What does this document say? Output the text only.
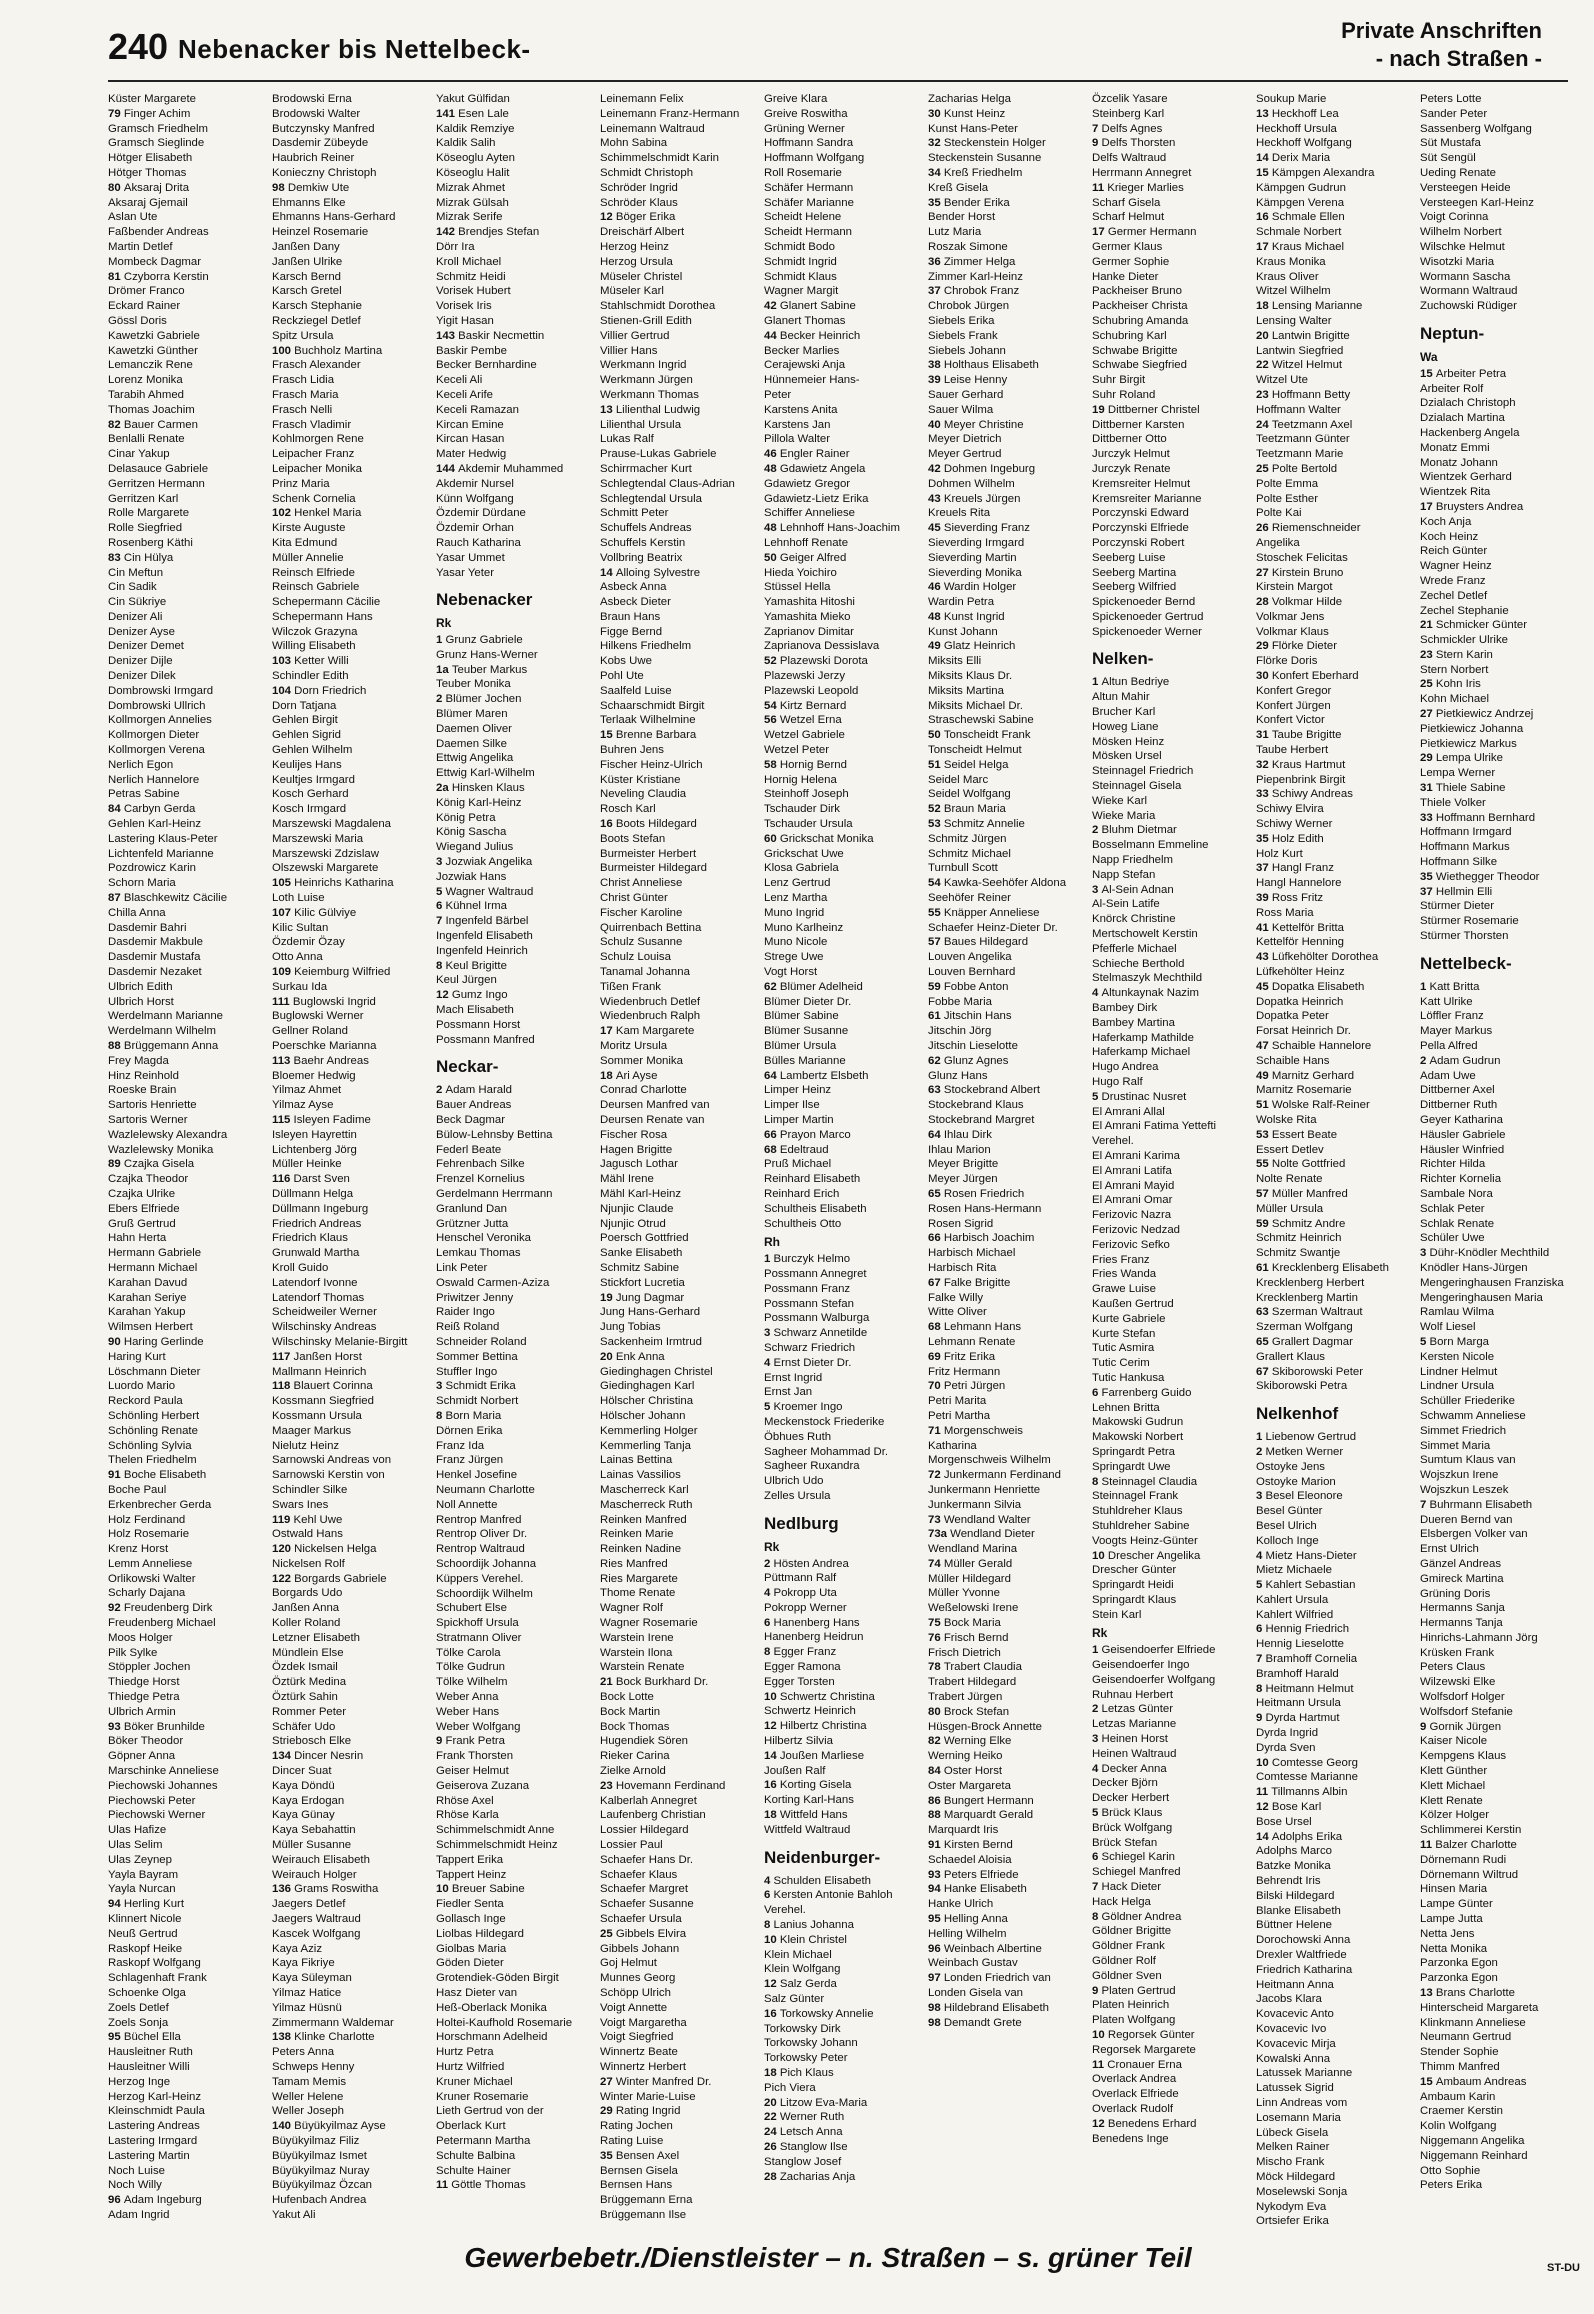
240 Nebenacker bis Nettelbeck-
Private Anschriften
- nach Straßen -
Küster Margarete
79 Finger Achim
Gramsch Friedhelm
Gramsch Sieglinde
Hötger Elisabeth
Hötger Thomas
80 Aksaraj Drita
Aksaraj Gjemail
Aslan Ute
Faßbender Andreas
Martin Detlef
Mombeck Dagmar
81 Czyborra Kerstin
Drömer Franco
Eckard Rainer
Gössl Doris
Kawetzki Gabriele
Kawetzki Günther
Lemanczik Rene
Lorenz Monika
Tarabih Ahmed
Thomas Joachim
82 Bauer Carmen
Benlalli Renate
Cinar Yakup
Delasauce Gabriele
Gerritzen Hermann
Gerritzen Karl
Rolle Margarete
Rolle Siegfried
Rosenberg Käthi
83 Cin Hülya
Cin Meftun
Cin Sadik
Cin Sükriye
Denizer Ali
Denizer Ayse
Denizer Demet
Denizer Dijle
Denizer Dilek
Dombrowski Irmgard
Dombrowski Ullrich
Kollmorgen Annelies
Kollmorgen Dieter
Kollmorgen Verena
Nerlich Egon
Nerlich Hannelore
Petras Sabine
84 Carbyn Gerda
Gehlen Karl-Heinz
Lastering Klaus-Peter
Lichtenfeld Marianne
Pozdrowicz Karin
Schorn Maria
87 Blaschkewitz Cäcilie
Chilla Anna
Dasdemir Bahri
Dasdemir Makbule
Dasdemir Mustafa
Dasdemir Nezaket
Ulbrich Edith
Ulbrich Horst
Werdelmann Marianne
Werdelmann Wilhelm
88 Brüggemann Anna
Frey Magda
Hinz Reinhold
Roeske Brain
Sartoris Henriette
Sartoris Werner
Wazlelewsky Alexandra
Wazlelewsky Monika
89 Czajka Gisela
Czajka Theodor
Czajka Ulrike
Ebers Elfriede
Gruß Gertrud
Hahn Herta
Hermann Gabriele
Hermann Michael
Karahan Davud
Karahan Seriye
Karahan Yakup
Wilmsen Herbert
90 Haring Gerlinde
Haring Kurt
Löschmann Dieter
Luordo Mario
Reckord Paula
Schönling Herbert
Schönling Renate
Schönling Sylvia
Thelen Friedhelm
91 Boche Elisabeth
Boche Paul
Erkenbrecher Gerda
Holz Ferdinand
Holz Rosemarie
Krenz Horst
Lemm Anneliese
Orlikowski Walter
Scharly Dajana
92 Freudenberg Dirk
Freudenberg Michael
Moos Holger
Pilk Sylke
Stöppler Jochen
Thiedge Horst
Thiedge Petra
Ulbrich Armin
93 Böker Brunhilde
Böker Theodor
Göpner Anna
Marschinke Anneliese
Piechowski Johannes
Piechowski Peter
Piechowski Werner
Ulas Hafize
Ulas Selim
Ulas Zeynep
Yayla Bayram
Yayla Nurcan
94 Herling Kurt
Klinnert Nicole
Neuß Gertrud
Raskopf Heike
Raskopf Wolfgang
Schlagenhaft Frank
Schoenke Olga
Zoels Detlef
Zoels Sonja
95 Büchel Ella
Hausleitner Ruth
Hausleitner Willi
Herzog Inge
Herzog Karl-Heinz
Kleinschmidt Paula
Lastering Andreas
Lastering Irmgard
Lastering Martin
Noch Luise
Noch Willy
96 Adam Ingeburg
Adam Ingrid
Brodowski Erna
Brodowski Walter
Butczynsky Manfred
Dasdemir Zübeyde
Haubrich Reiner
Konieczny Christoph
98 Demkiw Ute
Ehmanns Elke
Ehmanns Hans-Gerhard
Heinzel Rosemarie
Janßen Dany
Janßen Ulrike
Karsch Bernd
Karsch Gretel
Karsch Stephanie
Reckziegel Detlef
Spitz Ursula
100 Buchholz Martina
Frasch Alexander
Frasch Lidia
Frasch Maria
Frasch Nelli
Frasch Vladimir
Kohlmorgen Rene
Leipacher Franz
Leipacher Monika
Prinz Maria
Schenk Cornelia
102 Henkel Maria
Kirste Auguste
Kita Edmund
Müller Annelie
Reinsch Elfriede
Reinsch Gabriele
Schepermann Cäcilie
Schepermann Hans
Wilczok Grazyna
Willing Elisabeth
103 Ketter Willi
Schindler Edith
104 Dorn Friedrich
Dorn Tatjana
Gehlen Birgit
Gehlen Sigrid
Gehlen Wilhelm
Keulijes Hans
Keultjes Irmgard
Kosch Gerhard
Kosch Irmgard
Marszewski Magdalena
Marszewski Maria
Marszewski Zdzislaw
Olszewski Margarete
105 Heinrichs Katharina
Loth Luise
107 Kilic Gülviye
Kilic Sultan
Özdemir Özay
Otto Anna
109 Keiemburg Wilfried
Surkau Ida
111 Buglowski Ingrid
Buglowski Werner
Gellner Roland
Poerschke Marianna
113 Baehr Andreas
Bloemer Hedwig
Yilmaz Ahmet
Yilmaz Ayse
115 Isleyen Fadime
Isleyen Hayrettin
Lichtenberg Jörg
Müller Heinke
116 Darst Sven
Düllmann Helga
Düllmann Ingeburg
Friedrich Andreas
Friedrich Klaus
Grunwald Martha
Kroll Guido
Latendorf Ivonne
Latendorf Thomas
Scheidweiler Werner
Wilschinsky Andreas
Wilschinsky Melanie-Birgitt
117 Janßen Horst
Mallmann Heinrich
118 Blauert Corinna
Kossmann Siegfried
Kossmann Ursula
Maager Markus
Nielutz Heinz
Sarnowski Andreas von
Sarnowski Kerstin von
Schindler Silke
Swars Ines
119 Kehl Uwe
Ostwald Hans
120 Nickelsen Helga
Nickelsen Rolf
122 Borgards Gabriele
Borgards Udo
Janßen Anna
Koller Roland
Letzner Elisabeth
Mündlein Else
Özdek Ismail
Öztürk Medina
Öztürk Sahin
Rommer Peter
Schäfer Udo
Striebosch Elke
134 Dincer Nesrin
Dincer Suat
Kaya Döndü
Kaya Erdogan
Kaya Günay
Kaya Sebahattin
Müller Susanne
Weirauch Elisabeth
Weirauch Holger
136 Grams Roswitha
Jaegers Detlef
Jaegers Waltraud
Kascek Wolfgang
Kaya Aziz
Kaya Fikriye
Kaya Süleyman
Yilmaz Hatice
Yilmaz Hüsnü
Zimmermann Waldemar
138 Klinke Charlotte
Peters Anna
Schweps Henny
Tamam Memis
Weller Helene
Weller Joseph
140 Büyükyilmaz Ayse
Büyükyilmaz Filiz
Büyükyilmaz Ismet
Büyükyilmaz Nuray
Büyükyilmaz Özcan
Hufenbach Andrea
Yakut Ali
Yakut Gülfidan
141 Esen Lale
Kaldik Remziye
Kaldik Salih
Köseoglu Ayten
Köseoglu Halit
Mizrak Ahmet
Mizrak Gülsah
Mizrak Serife
142 Brendjes Stefan
Dörr Ira
Kroll Michael
Schmitz Heidi
Vorisek Hubert
Vorisek Iris
Yigit Hasan
143 Baskir Necmettin
Baskir Pembe
Becker Bernhardine
Keceli Ali
Keceli Arife
Keceli Ramazan
Kircan Emine
Kircan Hasan
Mater Hedwig
144 Akdemir Muhammed
Akdemir Nursel
Künn Wolfgang
Özdemir Dürdane
Özdemir Orhan
Rauch Katharina
Yasar Ummet
Yasar Yeter
Nebenacker
Rk
1 Grunz Gabriele
Grunz Hans-Werner
1a Teuber Markus
Teuber Monika
2 Blümer Jochen
Blümer Maren
Daemen Oliver
Daemen Silke
Ettwig Angelika
Ettwig Karl-Wilhelm
2a Hinsken Klaus
König Karl-Heinz
König Petra
König Sascha
Wiegand Julius
3 Jozwiak Angelika
Jozwiak Hans
5 Wagner Waltraud
6 Kühnel Irma
7 Ingenfeld Bärbel
Ingenfeld Elisabeth
Ingenfeld Heinrich
8 Keul Brigitte
Keul Jürgen
12 Gumz Ingo
Mach Elisabeth
Possmann Horst
Possmann Manfred
Neckar-
2 Adam Harald
Bauer Andreas
Beck Dagmar
Bülow-Lehnsby Bettina
Federl Beate
Fehrenbach Silke
Frenzel Kornelius
Gerdelmann Herrmann
Granlund Dan
Grützner Jutta
Henschel Veronika
Lemkau Thomas
Link Peter
Oswald Carmen-Aziza
Priwitzer Jenny
Raider Ingo
Reiß Roland
Schneider Roland
Sommer Bettina
Stuffler Ingo
3 Schmidt Erika
Schmidt Norbert
8 Born Maria
Dörnen Erika
Franz Ida
Franz Jürgen
Henkel Josefine
Neumann Charlotte
Noll Annette
Rentrop Manfred
Rentrop Oliver Dr.
Rentrop Waltraud
Schoordijk Johanna
Küppers Verehel.
Schoordijk Wilhelm
Schubert Else
Spickhoff Ursula
Stratmann Oliver
Tölke Carola
Tölke Gudrun
Tölke Wilhelm
Weber Anna
Weber Hans
Weber Wolfgang
9 Frank Petra
Frank Thorsten
Geiser Helmut
Geiserova Zuzana
Rhöse Axel
Rhöse Karla
Schimmelschmidt Anne
Schimmelschmidt Heinz
Tappert Erika
Tappert Heinz
10 Breuer Sabine
Fiedler Senta
Gollasch Inge
Liolbas Hildegard
Giolbas Maria
Göden Dieter
Grotendiek-Göden Birgit
Hasz Dieter van
Heß-Oberlack Monika
Holtei-Kaufhold Rosemarie
Horschmann Adelheid
Hurtz Petra
Hurtz Wilfried
Kruner Michael
Kruner Rosemarie
Lieth Gertrud von der
Oberlack Kurt
Petermann Martha
Schulte Balbina
Schulte Hainer
11 Göttle Thomas
Leinemann Felix
Leinemann Franz-Hermann
Leinemann Waltraud
Mohn Sabina
Schimmelschmidt Karin
Schmidt Christoph
Schröder Ingrid
Schröder Klaus
12 Böger Erika
Dreischärf Albert
Herzog Heinz
Herzog Ursula
Müseler Christel
Müseler Karl
Stahlschmidt Dorothea
Stienen-Grill Edith
Villier Gertrud
Villier Hans
Werkmann Ingrid
Werkmann Jürgen
Werkmann Thomas
13 Lilienthal Ludwig
Lilienthal Ursula
Lukas Ralf
Prause-Lukas Gabriele
Schirrmacher Kurt
Schlegtendal Claus-Adrian
Schlegtendal Ursula
Schmitt Peter
Schuffels Andreas
Schuffels Kerstin
Vollbring Beatrix
14 Alloing Sylvestre
Asbeck Anna
Asbeck Dieter
Braun Hans
Figge Bernd
Hilkens Friedhelm
Kobs Uwe
Pohl Ute
Saalfeld Luise
Schaarschmidt Birgit
Terlaak Wilhelmine
15 Brenne Barbara
Buhren Jens
Fischer Heinz-Ulrich
Küster Kristiane
Neveling Claudia
Rosch Karl
16 Boots Hildegard
Boots Stefan
Burmeister Herbert
Burmeister Hildegard
Christ Anneliese
Christ Günter
Fischer Karoline
Quirrenbach Bettina
Schulz Susanne
Schulz Louisa
Tanamal Johanna
Tißen Frank
Wiedenbruch Detlef
Wiedenbruch Ralph
17 Kam Margarete
Moritz Ursula
Sommer Monika
18 Ari Ayse
Conrad Charlotte
Deursen Manfred van
Deursen Renate van
Fischer Rosa
Hagen Brigitte
Jagusch Lothar
Mähl Irene
Mähl Karl-Heinz
Njunjic Claude
Njunjic Otrud
Poersch Gottfried
Sanke Elisabeth
Schmitz Sabine
Stickfort Lucretia
19 Jung Dagmar
Jung Hans-Gerhard
Jung Tobias
Sackenheim Irmtrud
20 Enk Anna
Giedinghagen Christel
Giedinghagen Karl
Hölscher Christina
Hölscher Johann
Kemmerling Holger
Kemmerling Tanja
Lainas Bettina
Lainas Vassilios
Mascherreck Karl
Mascherreck Ruth
Reinken Manfred
Reinken Marie
Reinken Nadine
Ries Manfred
Ries Margarete
Thome Renate
Wagner Rolf
Wagner Rosemarie
Warstein Irene
Warstein Ilona
Warstein Renate
21 Bock Burkhard Dr.
Bock Lotte
Bock Martin
Bock Thomas
Hugendiek Sören
Rieker Carina
Zielke Arnold
23 Hovemann Ferdinand
Kalberlah Annegret
Laufenberg Christian
Lossier Hildegard
Lossier Paul
Schaefer Hans Dr.
Schaefer Klaus
Schaefer Margret
Schaefer Susanne
Schaefer Ursula
25 Gibbels Elvira
Gibbels Johann
Goj Helmut
Munnes Georg
Schöpp Ulrich
Voigt Annette
Voigt Margaretha
Voigt Siegfried
Winnertz Beate
Winnertz Herbert
27 Winter Manfred Dr.
Winter Marie-Luise
29 Rating Ingrid
Rating Jochen
Rating Luise
35 Bensen Axel
Bernsen Gisela
Bernsen Hans
Brüggemann Erna
Brüggemann Ilse
Greive Klara
Greive Roswitha
Grüning Werner
Hoffmann Sandra
Hoffmann Wolfgang
Roll Rosemarie
Schäfer Hermann
Schäfer Marianne
Scheidt Helene
Scheidt Hermann
Schmidt Bodo
Schmidt Ingrid
Schmidt Klaus
Wagner Margit
42 Glanert Sabine
Glanert Thomas
44 Becker Heinrich
Becker Marlies
Cerajewski Anja
Hünnemeier Hans-
Peter
Karstens Anita
Karstens Jan
Pillola Walter
46 Engler Rainer
48 Gdawietz Angela
Gdawietz Gregor
Gdawietz-Lietz Erika
Schiffer Anneliese
48 Lehnhoff Hans-Joachim
Lehnhoff Renate
50 Geiger Alfred
Hieda Yoichiro
Stüssel Hella
Yamashita Hitoshi
Yamashita Mieko
Zaprianov Dimitar
Zaprianova Dessislava
52 Plazewski Dorota
Plazewski Jerzy
Plazewski Leopold
54 Kirtz Bernard
56 Wetzel Erna
Wetzel Gabriele
Wetzel Peter
58 Hornig Bernd
Hornig Helena
Steinhoff Joseph
Tschauder Dirk
Tschauder Ursula
60 Grickschat Monika
Grickschat Uwe
Klosa Gabriela
Lenz Gertrud
Lenz Martha
Muno Ingrid
Muno Karlheinz
Muno Nicole
Strege Uwe
Vogt Horst
62 Blümer Adelheid
Blümer Dieter Dr.
Blümer Sabine
Blümer Susanne
Blümer Ursula
Bülles Marianne
64 Lambertz Elsbeth
Limper Heinz
Limper Ilse
Limper Martin
66 Prayon Marco
68 Edeltraud
Pruß Michael
Reinhard Elisabeth
Reinhard Erich
Schultheis Elisabeth
Schultheis Otto
Rh
1 Burczyk Helmo
Possmann Annegret
Possmann Franz
Possmann Stefan
Possmann Walburga
3 Schwarz Annetilde
Schwarz Friedrich
4 Ernst Dieter Dr.
Ernst Ingrid
Ernst Jan
5 Kroemer Ingo
Meckenstock Friederike
Öbhues Ruth
Sagheer Mohammad Dr.
Sagheer Ruxandra
Ulbrich Udo
Zelles Ursula
Nedlburg
Rk
2 Hösten Andrea
Püttmann Ralf
4 Pokropp Uta
Pokropp Werner
6 Hanenberg Hans
Hanenberg Heidrun
8 Egger Franz
Egger Ramona
Egger Torsten
10 Schwertz Christina
Schwertz Heinrich
12 Hilbertz Christina
Hilbertz Silvia
14 Joußen Marliese
Joußen Ralf
16 Korting Gisela
Korting Karl-Hans
18 Wittfeld Hans
Wittfeld Waltraud
Neidenburger-
4 Schulden Elisabeth
6 Kersten Antonie Bahloh
Verehel.
8 Lanius Johanna
10 Klein Christel
Klein Michael
Klein Wolfgang
12 Salz Gerda
Salz Günter
16 Torkowsky Annelie
Torkowsky Dirk
Torkowsky Johann
Torkowsky Peter
18 Pich Klaus
Pich Viera
20 Litzow Eva-Maria
22 Werner Ruth
24 Letsch Anna
26 Stanglow Ilse
Stanglow Josef
28 Zacharias Anja
Zacharias Helga
30 Kunst Heinz
Kunst Hans-Peter
32 Steckenstein Holger
Steckenstein Susanne
34 Kreß Friedhelm
Kreß Gisela
35 Bender Erika
Bender Horst
Lutz Maria
Roszak Simone
36 Zimmer Helga
Zimmer Karl-Heinz
37 Chrobok Franz
Chrobok Jürgen
Siebels Erika
Siebels Frank
Siebels Johann
38 Holthaus Elisabeth
39 Leise Henny
Sauer Gerhard
Sauer Wilma
40 Meyer Christine
Meyer Dietrich
Meyer Gertrud
42 Dohmen Ingeburg
Dohmen Wilhelm
43 Kreuels Jürgen
Kreuels Rita
45 Sieverding Franz
Sieverding Irmgard
Sieverding Martin
Sieverding Monika
46 Wardin Holger
Wardin Petra
48 Kunst Ingrid
Kunst Johann
49 Glatz Heinrich
Miksits Elli
Miksits Klaus Dr.
Miksits Martina
Miksits Michael Dr.
Straschewski Sabine
50 Tonscheidt Frank
Tonscheidt Helmut
51 Seidel Helga
Seidel Marc
Seidel Wolfgang
52 Braun Maria
53 Schmitz Annelie
Schmitz Jürgen
Schmitz Michael
Turnbull Scott
54 Kawka-Seehöfer Aldona
Seehöfer Reiner
55 Knäpper Anneliese
Schaefer Heinz-Dieter Dr.
57 Baues Hildegard
Louven Angelika
Louven Bernhard
59 Fobbe Anton
Fobbe Maria
61 Jitschin Hans
Jitschin Jörg
Jitschin Lieselotte
62 Glunz Agnes
Glunz Hans
63 Stockebrand Albert
Stockebrand Klaus
Stockebrand Margret
64 Ihlau Dirk
Ihlau Marion
Meyer Brigitte
Meyer Jürgen
65 Rosen Friedrich
Rosen Hans-Hermann
Rosen Sigrid
66 Harbisch Joachim
Harbisch Michael
Harbisch Rita
67 Falke Brigitte
Falke Willy
Witte Oliver
68 Lehmann Hans
Lehmann Renate
69 Fritz Erika
Fritz Hermann
70 Petri Jürgen
Petri Marita
Petri Martha
71 Morgenschweis
Katharina
Morgenschweis Wilhelm
72 Junkermann Ferdinand
Junkermann Henriette
Junkermann Silvia
73 Wendland Walter
73a Wendland Dieter
Wendland Marina
74 Müller Gerald
Müller Hildegard
Müller Yvonne
Weßelowski Irene
75 Bock Maria
76 Frisch Bernd
Frisch Dietrich
78 Trabert Claudia
Trabert Hildegard
Trabert Jürgen
80 Brock Stefan
Hüsgen-Brock Annette
82 Werning Elke
Werning Heiko
84 Oster Horst
Oster Margareta
86 Bungert Hermann
88 Marquardt Gerald
Marquardt Iris
91 Kirsten Bernd
Schaedel Aloisia
93 Peters Elfriede
94 Hanke Elisabeth
Hanke Ulrich
95 Helling Anna
Helling Wilhelm
96 Weinbach Albertine
Weinbach Gustav
97 Londen Friedrich van
Londen Gisela van
98 Hildebrand Elisabeth
98 Demandt Grete
Özcelik Yasare
Steinberg Karl
7 Delfs Agnes
9 Delfs Thorsten
Delfs Waltraud
Herrmann Annegret
11 Krieger Marlies
Scharf Gisela
Scharf Helmut
17 Germer Hermann
Germer Klaus
Germer Sophie
Hanke Dieter
Packheiser Bruno
Packheiser Christa
Schubring Amanda
Schubring Karl
Schwabe Brigitte
Schwabe Siegfried
Suhr Birgit
Suhr Roland
19 Dittberner Christel
Dittberner Karsten
Dittberner Otto
Jurczyk Helmut
Jurczyk Renate
Kremsreiter Helmut
Kremsreiter Marianne
Porczynski Edward
Porczynski Elfriede
Porczynski Robert
Seeberg Luise
Seeberg Martina
Seeberg Wilfried
Spickenoeder Bernd
Spickenoeder Gertrud
Spickenoeder Werner
Nelken-
1 Altun Bedriye
Altun Mahir
Brucher Karl
Howeg Liane
Mösken Heinz
Mösken Ursel
Steinnagel Friedrich
Steinnagel Gisela
Wieke Karl
Wieke Maria
2 Bluhm Dietmar
Bosselmann Emmeline
Napp Friedhelm
Napp Stefan
3 Al-Sein Adnan
Al-Sein Latife
Knörck Christine
Mertschowelt Kerstin
Pfefferle Michael
Schieche Berthold
Stelmaszyk Mechthild
4 Altunkaynak Nazim
Bambey Dirk
Bambey Martina
Haferkamp Mathilde
Haferkamp Michael
Hugo Andrea
Hugo Ralf
5 Drustinac Nusret
El Amrani Allal
El Amrani Fatima Yettefti
Verehel.
El Amrani Karima
El Amrani Latifa
El Amrani Mayid
El Amrani Omar
Ferizovic Nazra
Ferizovic Nedzad
Ferizovic Sefko
Fries Franz
Fries Wanda
Grawe Luise
Kaußen Gertrud
Kurte Gabriele
Kurte Stefan
Tutic Asmira
Tutic Cerim
Tutic Hankusa
6 Farrenberg Guido
Lehnen Britta
Makowski Gudrun
Makowski Norbert
Springardt Petra
Springardt Uwe
8 Steinnagel Claudia
Steinnagel Frank
Stuhldreher Klaus
Stuhldreher Sabine
Voogts Heinz-Günter
10 Drescher Angelika
Drescher Günter
Springardt Heidi
Springardt Klaus
Stein Karl
Rk
1 Geisendoerfer Elfriede
Geisendoerfer Ingo
Geisendoerfer Wolfgang
Ruhnau Herbert
2 Letzas Günter
Letzas Marianne
3 Heinen Horst
Heinen Waltraud
4 Decker Anna
Decker Björn
Decker Herbert
5 Brück Klaus
Brück Wolfgang
Brück Stefan
6 Schiegel Karin
Schiegel Manfred
7 Hack Dieter
Hack Helga
8 Göldner Andrea
Göldner Brigitte
Göldner Frank
Göldner Rolf
Göldner Sven
9 Platen Gertrud
Platen Heinrich
Platen Wolfgang
10 Regorsek Günter
Regorsek Margarete
11 Cronauer Erna
Overlack Andrea
Overlack Elfriede
Overlack Rudolf
12 Benedens Erhard
Benedens Inge
Soukup Marie
13 Heckhoff Lea
Heckhoff Ursula
Heckhoff Wolfgang
14 Derix Maria
15 Kämpgen Alexandra
Kämpgen Gudrun
Kämpgen Verena
16 Schmale Ellen
Schmale Norbert
17 Kraus Michael
Kraus Monika
Kraus Oliver
Witzel Wilhelm
18 Lensing Marianne
Lensing Walter
20 Lantwin Brigitte
Lantwin Siegfried
22 Witzel Helmut
Witzel Ute
23 Hoffmann Betty
Hoffmann Walter
24 Teetzmann Axel
Teetzmann Günter
Teetzmann Marie
25 Polte Bertold
Polte Emma
Polte Esther
Polte Kai
26 Riemenschneider
Angelika
Stoschek Felicitas
27 Kirstein Bruno
Kirstein Margot
28 Volkmar Hilde
Volkmar Jens
Volkmar Klaus
29 Flörke Dieter
Flörke Doris
30 Konfert Eberhard
Konfert Gregor
Konfert Jürgen
Konfert Victor
31 Taube Brigitte
Taube Herbert
32 Kraus Hartmut
Piepenbrink Birgit
33 Schiwy Andreas
Schiwy Elvira
Schiwy Werner
35 Holz Edith
Holz Kurt
37 Hangl Franz
Hangl Hannelore
39 Ross Fritz
Ross Maria
41 Kettelför Britta
Kettelför Henning
43 Lüfkehölter Dorothea
Lüfkehölter Heinz
45 Dopatka Elisabeth
Dopatka Heinrich
Dopatka Peter
Forsat Heinrich Dr.
47 Schaible Hannelore
Schaible Hans
49 Marnitz Gerhard
Marnitz Rosemarie
51 Wolske Ralf-Reiner
Wolske Rita
53 Essert Beate
Essert Detlev
55 Nolte Gottfried
Nolte Renate
57 Müller Manfred
Müller Ursula
59 Schmitz Andre
Schmitz Heinrich
Schmitz Swantje
61 Krecklenberg Elisabeth
Krecklenberg Herbert
Krecklenberg Martin
63 Szerman Waltraut
Szerman Wolfgang
65 Grallert Dagmar
Grallert Klaus
67 Skiborowski Peter
Skiborowski Petra
Nelkenhof
1 Liebenow Gertrud
2 Metken Werner
Ostoyke Jens
Ostoyke Marion
3 Besel Eleonore
Besel Günter
Besel Ulrich
Kolloch Inge
4 Mietz Hans-Dieter
Mietz Michaele
5 Kahlert Sebastian
Kahlert Ursula
Kahlert Wilfried
6 Hennig Friedrich
Hennig Lieselotte
7 Bramhoff Cornelia
Bramhoff Harald
8 Heitmann Helmut
Heitmann Ursula
9 Dyrda Hartmut
Dyrda Ingrid
Dyrda Sven
10 Comtesse Georg
Comtesse Marianne
11 Tillmanns Albin
12 Bose Karl
Bose Ursel
14 Adolphs Erika
Adolphs Marco
Batzke Monika
Behrendt Iris
Bilski Hildegard
Blanke Elisabeth
Büttner Helene
Dorochowski Anna
Drexler Waltfriede
Friedrich Katharina
Heitmann Anna
Jacobs Klara
Kovacevic Anto
Kovacevic Ivo
Kovacevic Mirja
Kowalski Anna
Latussek Marianne
Latussek Sigrid
Linn Andreas vom
Losemann Maria
Lübeck Gisela
Melken Rainer
Mischo Frank
Möck Hildegard
Moselewski Sonja
Nykodym Eva
Ortsiefer Erika
Peters Lotte
Sander Peter
Sassenberg Wolfgang
Süt Mustafa
Süt Sengül
Ueding Renate
Versteegen Heide
Versteegen Karl-Heinz
Voigt Corinna
Wilhelm Norbert
Wilschke Helmut
Wisotzki Maria
Wormann Sascha
Wormann Waltraud
Zuchowski Rüdiger
Neptun-
Wa
15 Arbeiter Petra
Arbeiter Rolf
Dzialach Christoph
Dzialach Martina
Hackenberg Angela
Monatz Emmi
Monatz Johann
Wientzek Gerhard
Wientzek Rita
17 Bruysters Andrea
Koch Anja
Koch Heinz
Reich Günter
Wagner Heinz
Wrede Franz
Zechel Detlef
Zechel Stephanie
21 Schmicker Günter
Schmickler Ulrike
23 Stern Karin
Stern Norbert
25 Kohn Iris
Kohn Michael
27 Pietkiewicz Andrzej
Pietkiewicz Johanna
Pietkiewicz Markus
29 Lempa Ulrike
Lempa Werner
31 Thiele Sabine
Thiele Volker
33 Hoffmann Bernhard
Hoffmann Irmgard
Hoffmann Markus
Hoffmann Silke
35 Wiethegger Theodor
37 Hellmin Elli
Stürmer Dieter
Stürmer Rosemarie
Stürmer Thorsten
Nettelbeck-
1 Katt Britta
Katt Ulrike
Löffler Franz
Mayer Markus
Pella Alfred
2 Adam Gudrun
Adam Uwe
Dittberner Axel
Dittberner Ruth
Geyer Katharina
Häusler Gabriele
Häusler Winfried
Richter Hilda
Richter Kornelia
Sambale Nora
Schlak Peter
Schlak Renate
Schüler Uwe
3 Dühr-Knödler Mechthild
Knödler Hans-Jürgen
Mengeringhausen Franziska
Mengeringhausen Maria
Ramlau Wilma
Wolf Liesel
5 Born Marga
Kersten Nicole
Lindner Helmut
Lindner Ursula
Schüller Friederike
Schwamm Anneliese
Simmet Friedrich
Simmet Maria
Sumtum Klaus van
Wojszkun Irene
Wojszkun Leszek
7 Buhrmann Elisabeth
Dueren Bernd van
Elsbergen Volker van
Ernst Ulrich
Gänzel Andreas
Gmireck Martina
Grüning Doris
Hermanns Sanja
Hermanns Tanja
Hinrichs-Lahmann Jörg
Krüsken Frank
Peters Claus
Wilzewski Elke
Wolfsdorf Holger
Wolfsdorf Stefanie
9 Gornik Jürgen
Kaiser Nicole
Kempgens Klaus
Klett Günther
Klett Michael
Klett Renate
Kölzer Holger
Schlimmerei Kerstin
11 Balzer Charlotte
Dörnemann Rudi
Dörnemann Wiltrud
Hinsen Maria
Lampe Günter
Lampe Jutta
Netta Jens
Netta Monika
Parzonka Egon
Parzonka Egon
13 Brans Charlotte
Hinterscheid Margareta
Klinkmann Anneliese
Neumann Gertrud
Stender Sophie
Thimm Manfred
15 Ambaum Andreas
Ambaum Karin
Craemer Kerstin
Kolin Wolfgang
Niggemann Angelika
Niggemann Reinhard
Otto Sophie
Peters Erika
Gewerbebetr./Dienstleister – n. Straßen – s. grüner Teil	ST-DU
